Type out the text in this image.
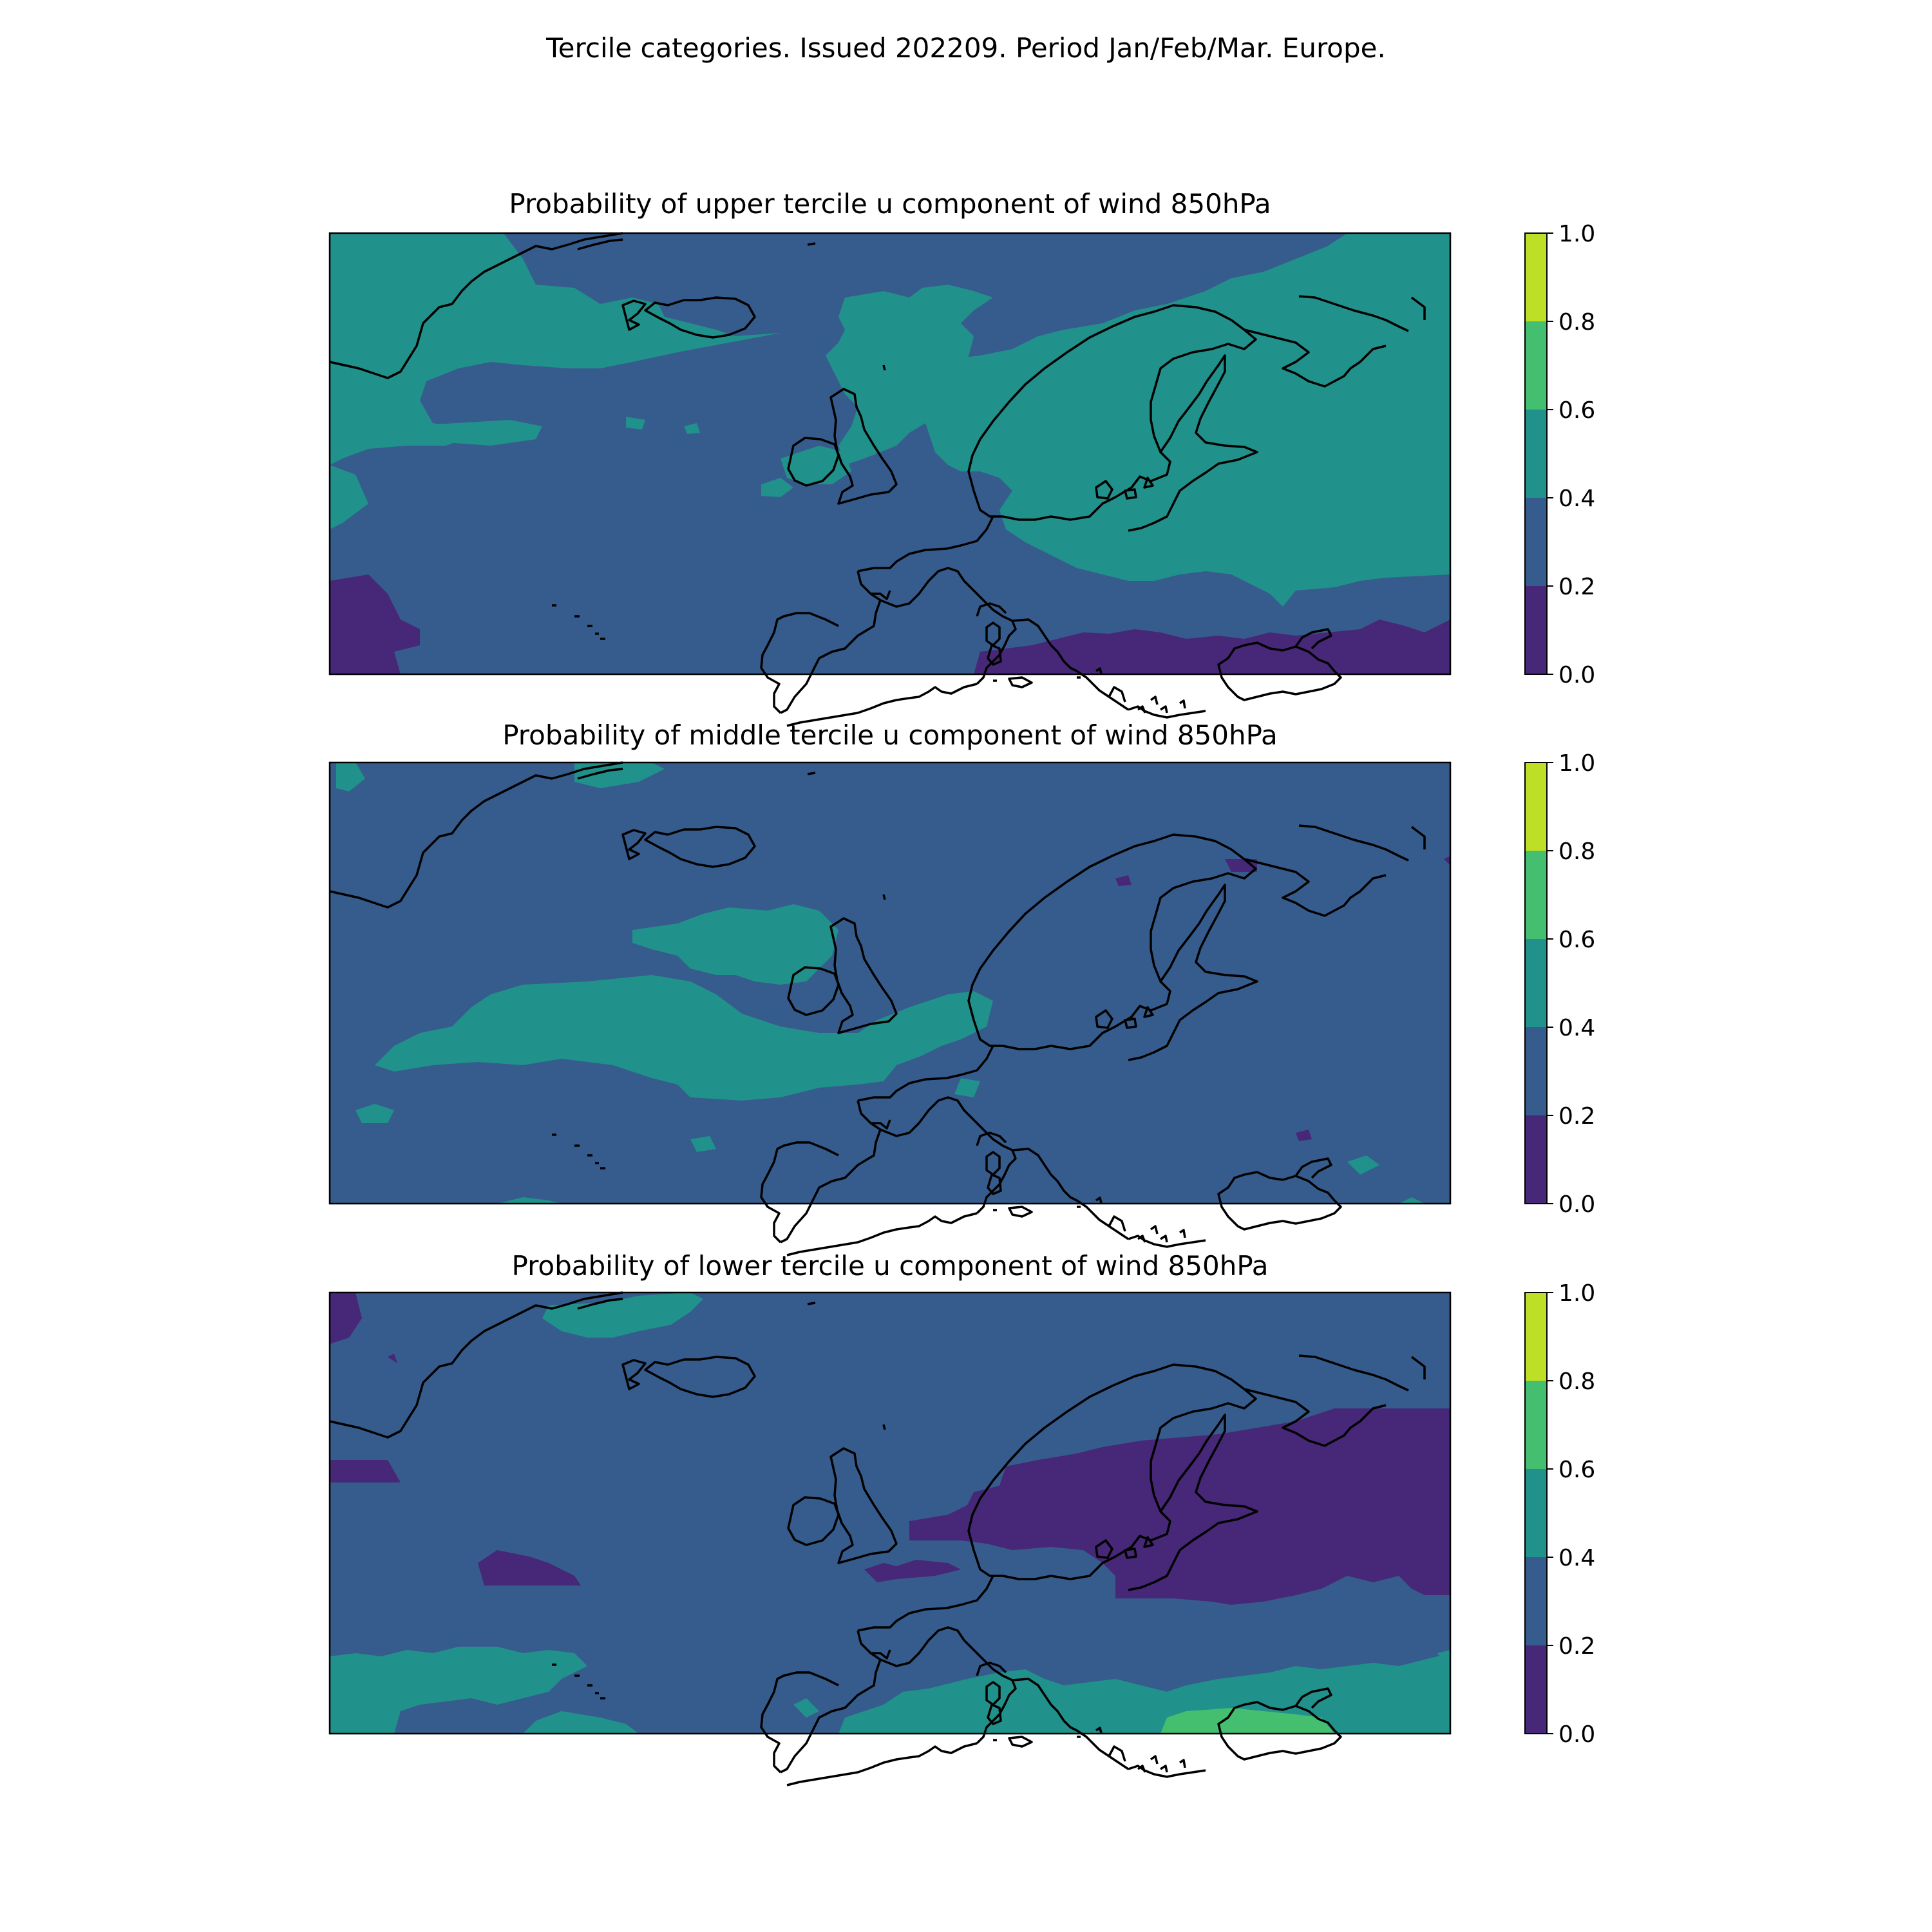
Tercile categories. Issued 202209. Period Jan/Feb/Mar. Europe.
Probability of upper tercile u component of wind 850hPa
Probability of middle tercile u component of wind 850hPa
Probability of lower tercile u component of wind 850hPa
0.0
0.2
0.4
0.6
0.8
1.0
0.0
0.2
0.4
0.6
0.8
1.0
0.0
0.2
0.4
0.6
0.8
1.0
